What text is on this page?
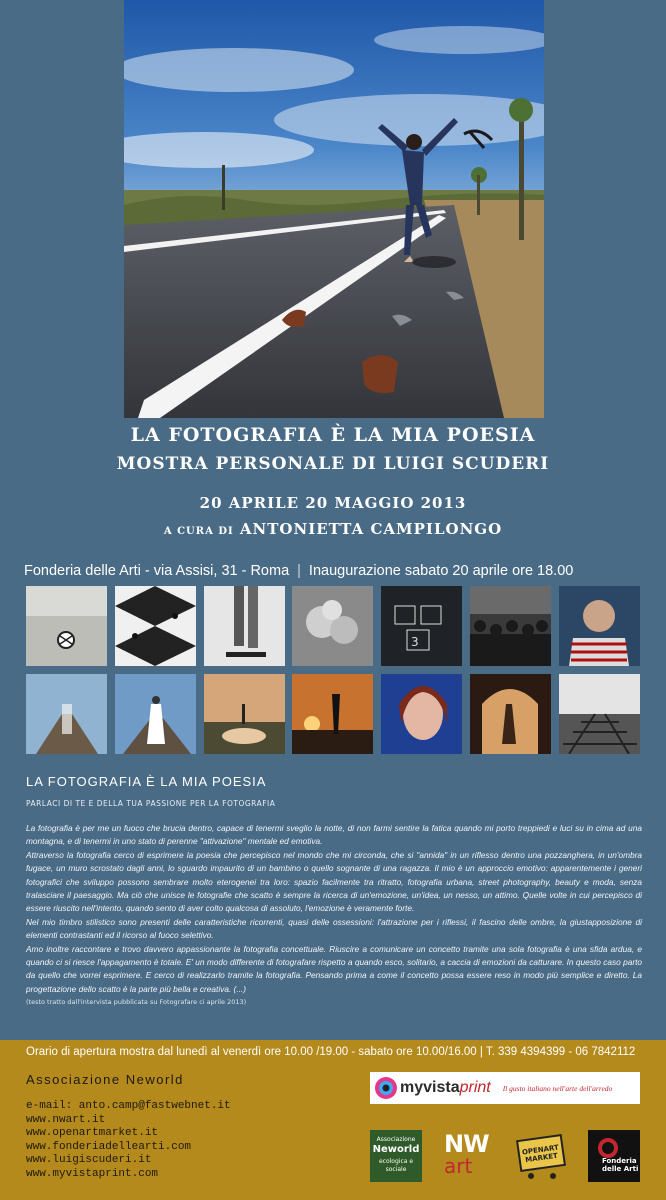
LA FOTOGRAFIA È LA MIA POESIA
MOSTRA PERSONALE DI LUIGI SCUDERI
20 APRILE 20 MAGGIO 2013
A CURA DI ANTONIETTA CAMPILONGO
Fonderia delle Arti - via Assisi, 31 - Roma | Inaugurazione sabato 20 aprile ore 18.00
3
LA FOTOGRAFIA È LA MIA POESIA
PARLACI DI TE E DELLA TUA PASSIONE PER LA FOTOGRAFIA

La fotografia è per me un fuoco che brucia dentro, capace di tenermi sveglio la notte, di non farmi sentire la fatica quando mi porto treppiedi e luci su in cima ad una montagna, e di tenermi in uno stato di perenne "attivazione" mentale ed emotiva.

Attraverso la fotografia cerco di esprimere la poesia che percepisco nel mondo che mi circonda, che si "annida" in un riflesso dentro una pozzanghera, in un'ombra fugace, un muro scrostato dagli anni, lo sguardo impaurito di un bambino o quello sognante di una ragazza. Il mio è un approccio emotivo: apparentemente i generi fotografici che sviluppo possono sembrare molto eterogenei tra loro: spazio facilmente tra ritratto, fotografia urbana, street photography, beauty e moda, senza tralasciare il paesaggio. Ma ciò che unisce le fotografie che scatto è sempre la ricerca di un'emozione, un'idea, un nesso, un attimo. Quelle volte in cui percepisco di essere riuscito nell'intento, quando sento di aver colto qualcosa di assoluto, l'emozione è veramente forte.

Nel mio timbro stilistico sono presenti delle caratteristiche ricorrenti, quasi delle ossessioni: l'attrazione per i riflessi, il fascino delle ombre, la giustapposizione di elementi contrastanti ed il ricorso al fuoco selettivo.

Amo inoltre raccontare e trovo davvero appassionante la fotografia concettuale. Riuscire a comunicare un concetto tramite una sola fotografia è una sfida ardua, e quando ci si riesce l'appagamento è totale. E' un modo differente di fotografare rispetto a quando esco, solitario, a caccia di emozioni da catturare. In questo caso parto da quello che vorrei esprimere. E cerco di realizzarlo tramite la fotografia. Pensando prima a come il concetto possa essere reso in modo più semplice e diretto. La progettazione dello scatto è la parte più bella e creativa. (...)

(testo tratto dall'intervista pubblicata su Fotografare ci aprile 2013)
Orario di apertura mostra dal lunedì al venerdì ore 10.00 /19.00 - sabato ore 10.00/16.00 | T. 339 4394399 - 06 7842112
Associazione Neworld
e-mail: anto.camp@fastwebnet.it
www.nwart.it
www.openartmarket.it
www.fonderiadellearti.com
www.luigiscuderi.it
www.myvistaprint.com
myvistaprint Il gusto italiano nell'arte dell'arredo
Associazione
Neworld
ecologica e sociale
NW
art
OPENART MARKET	Fonderia delle Arti
